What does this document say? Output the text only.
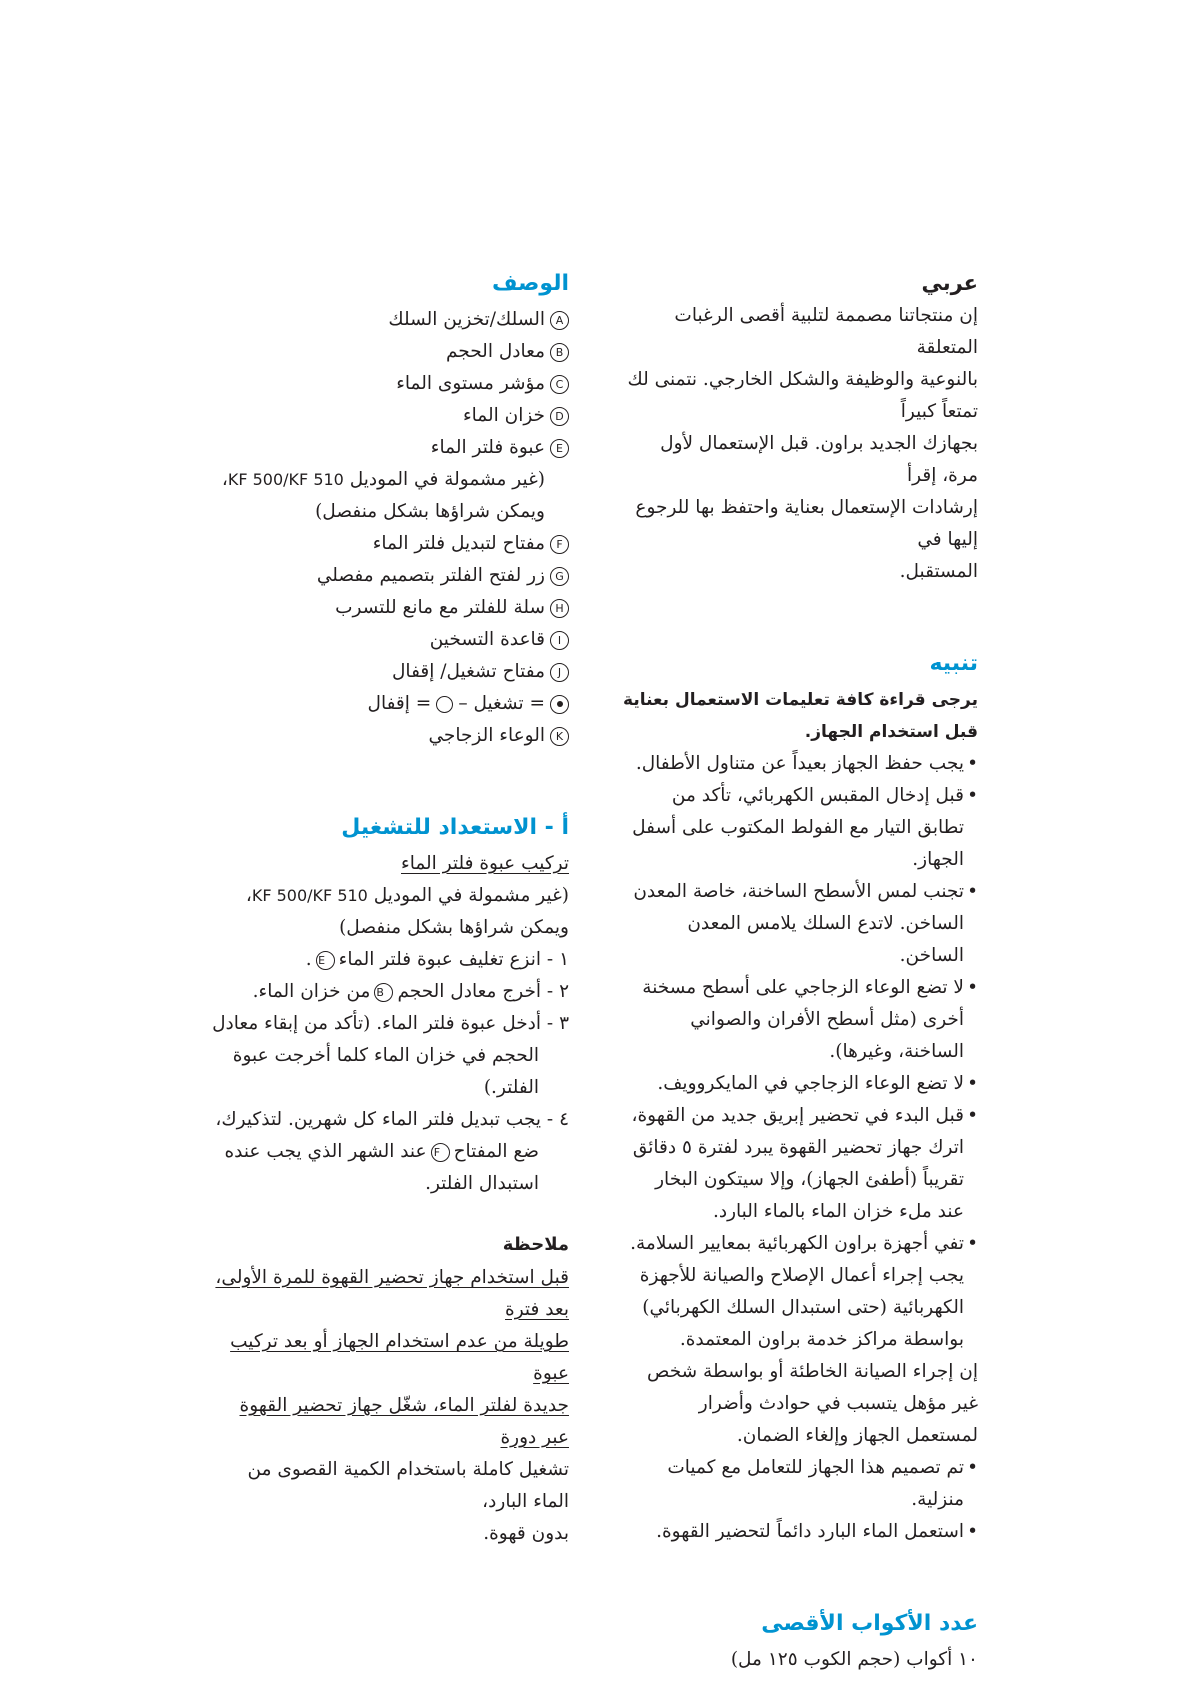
عربي

إن منتجاتنا مصممة لتلبية أقصى الرغبات المتعلقة

بالنوعية والوظيفة والشكل الخارجي. نتمنى لك تمتعاً كبيراً

بجهازك الجديد براون. قبل الإستعمال لأول مرة، إقرأ

إرشادات الإستعمال بعناية واحتفظ بها للرجوع إليها في

المستقبل.

تنبيه

يرجى قراءة كافة تعليمات الاستعمال بعناية

قبل استخدام الجهاز.

• يجب حفظ الجهاز بعيداً عن متناول الأطفال.
• قبل إدخال المقبس الكهربائي، تأكد من تطابق التيار مع الفولط المكتوب على أسفل الجهاز.
• تجنب لمس الأسطح الساخنة، خاصة المعدن الساخن. لاتدع السلك يلامس المعدن الساخن.
• لا تضع الوعاء الزجاجي على أسطح مسخنة أخرى (مثل أسطح الأفران والصواني الساخنة، وغيرها).
• لا تضع الوعاء الزجاجي في المايكروويف.
• قبل البدء في تحضير إبريق جديد من القهوة، اترك جهاز تحضير القهوة يبرد لفترة ٥ دقائق تقريباً (أطفئ الجهاز)، وإلا سيتكون البخار عند ملء خزان الماء بالماء البارد.
• تفي أجهزة براون الكهربائية بمعايير السلامة. يجب إجراء أعمال الإصلاح والصيانة للأجهزة الكهربائية (حتى استبدال السلك الكهربائي) بواسطة مراكز خدمة براون المعتمدة.

إن إجراء الصيانة الخاطئة أو بواسطة شخص غير مؤهل يتسبب في حوادث وأضرار لمستعمل الجهاز وإلغاء الضمان.

• تم تصميم هذا الجهاز للتعامل مع كميات منزلية.
• استعمل الماء البارد دائماً لتحضير القهوة.
عدد الأكواب الأقصى

١٠ أكواب (حجم الكوب ١٢٥ مل)

الوصف
A
السلك/تخزين السلك
B
معادل الحجم
C
مؤشر مستوى الماء
D
خزان الماء
E
عبوة فلتر الماء
(غير مشمولة في الموديل KF 500/KF 510،
ويمكن شراؤها بشكل منفصل)
F
مفتاح لتبديل فلتر الماء
G
زر لفتح الفلتر بتصميم مفصلي
H
سلة للفلتر مع مانع للتسرب
I
قاعدة التسخين
J
مفتاح تشغيل/ إقفال
= تشغيل –
= إقفال
K
الوعاء الزجاجي
أ - الاستعداد للتشغيل

تركيب عبوة فلتر الماء

(غير مشمولة في الموديل KF 500/KF 510،

ويمكن شراؤها بشكل منفصل)

١ - انزع تغليف عبوة فلتر الماءE.
٢ - أخرج معادل الحجمBمن خزان الماء.
٣ - أدخل عبوة فلتر الماء. (تأكد من إبقاء معادل الحجم في خزان الماء كلما أخرجت عبوة الفلتر.)
٤ - يجب تبديل فلتر الماء كل شهرين. لتذكيرك، ضع المفتاحFعند الشهر الذي يجب عنده استبدال الفلتر.
ملاحظة

قبل استخدام جهاز تحضير القهوة للمرة الأولى، بعد فترة

طويلة من عدم استخدام الجهاز أو بعد تركيب عبوة

جديدة لفلتر الماء، شغّل جهاز تحضير القهوة عبر دورة

تشغيل كاملة باستخدام الكمية القصوى من الماء البارد،

بدون قهوة.
